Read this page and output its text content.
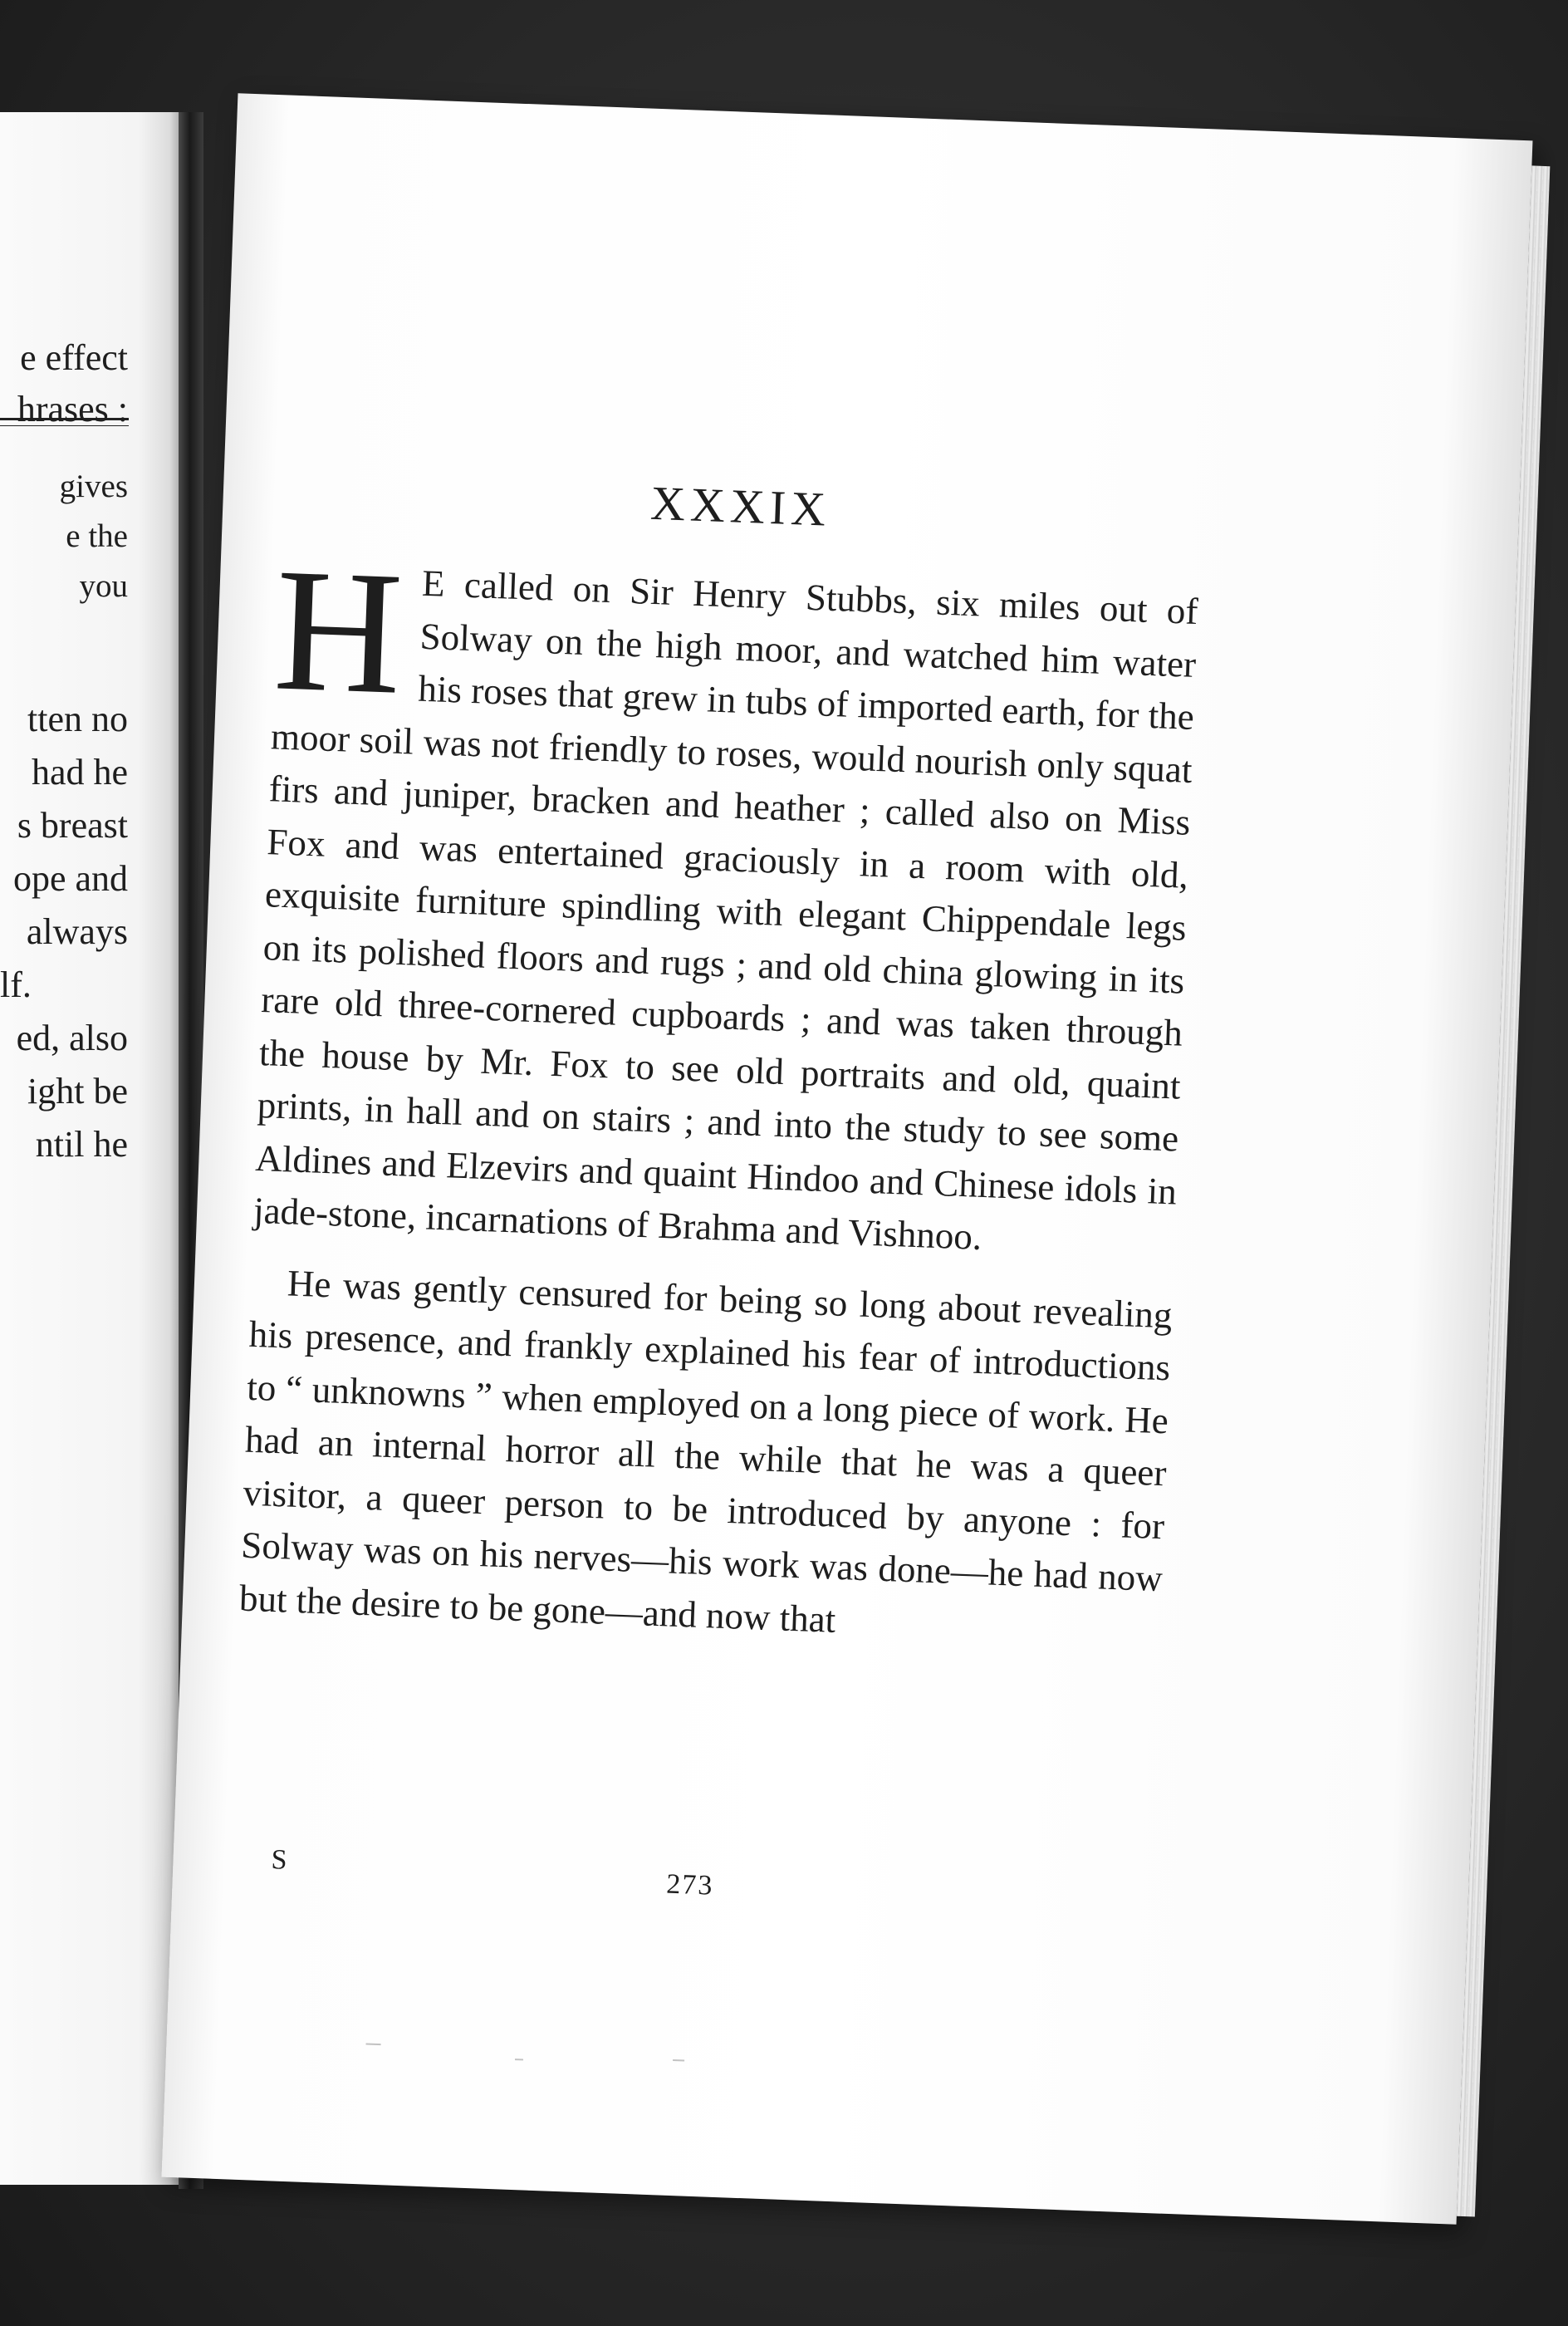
e effect
hrases :
gives
e the
you
tten no
had he
s breast
ope and
always
lf.
ed, also
ight be
ntil he
XXXIX

H E called on Sir Henry Stubbs, six miles out of Solway on the high moor, and watched him water his roses that grew in tubs of imported earth, for the moor soil was not friendly to roses, would nourish only squat firs and juniper, bracken and heather ; called also on Miss Fox and was entertained graciously in a room with old, exquisite furniture spindling with elegant Chippendale legs on its polished floors and rugs ; and old china glowing in its rare old three-cornered cupboards ; and was taken through the house by Mr. Fox to see old portraits and old, quaint prints, in hall and on stairs ; and into the study to see some Aldines and Elzevirs and quaint Hindoo and Chinese idols in jade-stone, incarnations of Brahma and Vishnoo.

He was gently censured for being so long about revealing his presence, and frankly explained his fear of introductions to “ unknowns ” when employed on a long piece of work. He had an internal horror all the while that he was a queer visitor, a queer person to be introduced by anyone : for Solway was on his nerves—his work was done—he had now but the desire to be gone—and now that

S
273
